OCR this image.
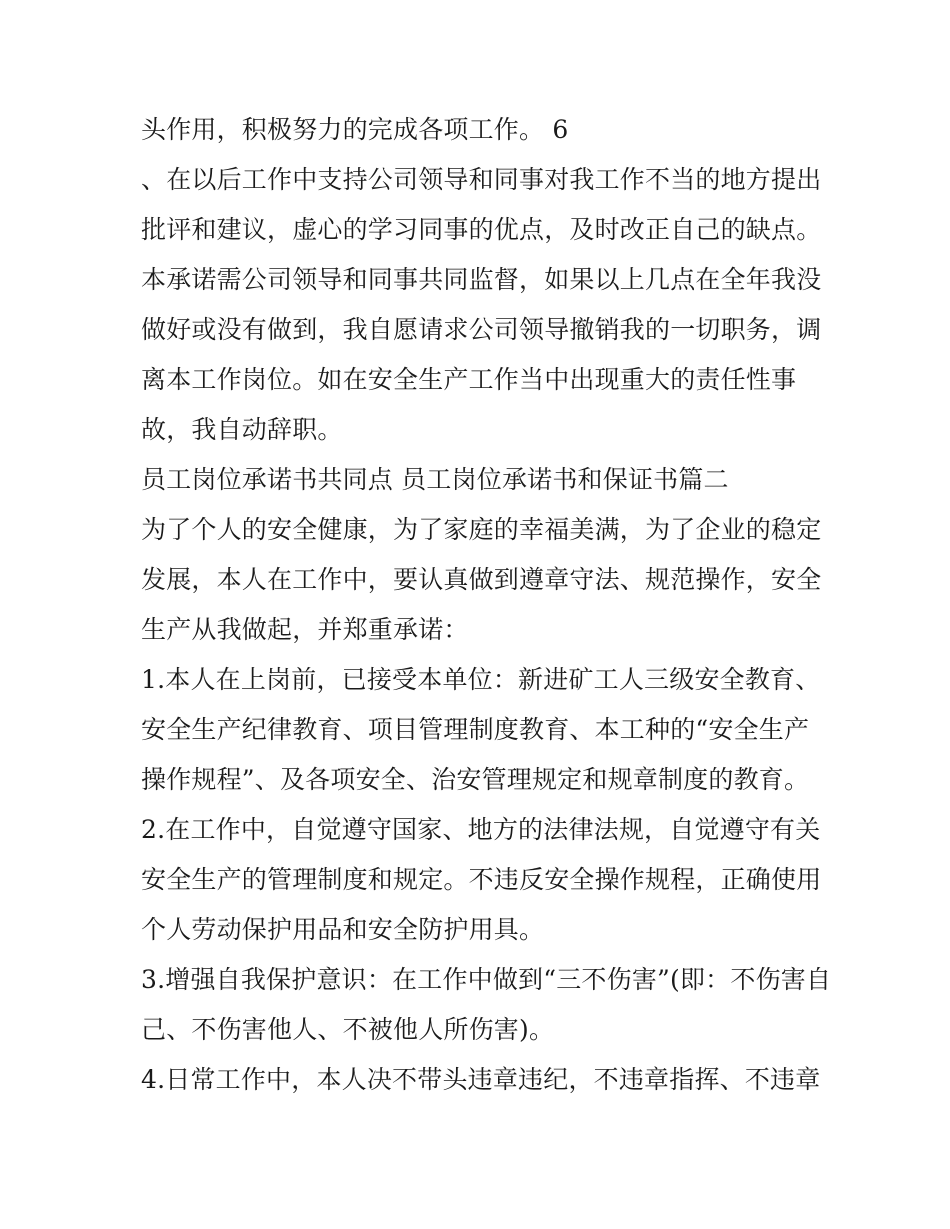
头作用，积极努力的完成各项工作。 6
、在以后工作中支持公司领导和同事对我工作不当的地方提出
批评和建议，虚心的学习同事的优点，及时改正自己的缺点。
本承诺需公司领导和同事共同监督，如果以上几点在全年我没
做好或没有做到，我自愿请求公司领导撤销我的一切职务，调
离本工作岗位。如在安全生产工作当中出现重大的责任性事
故，我自动辞职。
员工岗位承诺书共同点 员工岗位承诺书和保证书篇二
为了个人的安全健康，为了家庭的幸福美满，为了企业的稳定
发展，本人在工作中，要认真做到遵章守法、规范操作，安全
生产从我做起，并郑重承诺：
1.本人在上岗前，已接受本单位：新进矿工人三级安全教育、
安全生产纪律教育、项目管理制度教育、本工种的“安全生产
操作规程”、及各项安全、治安管理规定和规章制度的教育。
2.在工作中，自觉遵守国家、地方的法律法规，自觉遵守有关
安全生产的管理制度和规定。不违反安全操作规程，正确使用
个人劳动保护用品和安全防护用具。
3.增强自我保护意识：在工作中做到“三不伤害”(即：不伤害自
己、不伤害他人、不被他人所伤害)。
4.日常工作中，本人决不带头违章违纪，不违章指挥、不违章
